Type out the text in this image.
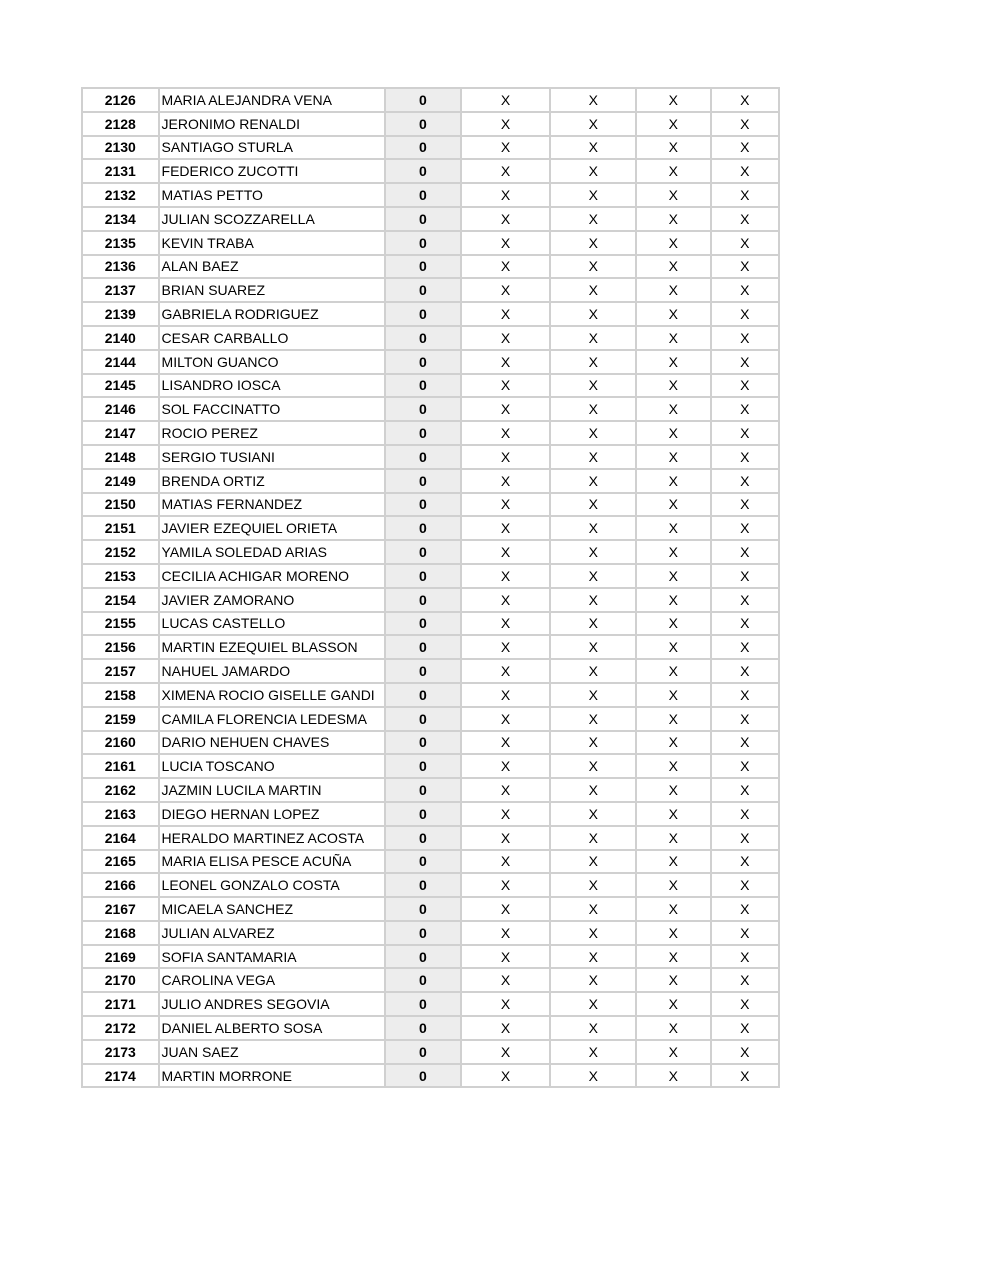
2126	MARIA ALEJANDRA VENA	0	X	X	X	X
2128	JERONIMO RENALDI	0	X	X	X	X
2130	SANTIAGO STURLA	0	X	X	X	X
2131	FEDERICO ZUCOTTI	0	X	X	X	X
2132	MATIAS PETTO	0	X	X	X	X
2134	JULIAN SCOZZARELLA	0	X	X	X	X
2135	KEVIN TRABA	0	X	X	X	X
2136	ALAN BAEZ	0	X	X	X	X
2137	BRIAN SUAREZ	0	X	X	X	X
2139	GABRIELA RODRIGUEZ	0	X	X	X	X
2140	CESAR CARBALLO	0	X	X	X	X
2144	MILTON GUANCO	0	X	X	X	X
2145	LISANDRO IOSCA	0	X	X	X	X
2146	SOL FACCINATTO	0	X	X	X	X
2147	ROCIO PEREZ	0	X	X	X	X
2148	SERGIO TUSIANI	0	X	X	X	X
2149	BRENDA ORTIZ	0	X	X	X	X
2150	MATIAS FERNANDEZ	0	X	X	X	X
2151	JAVIER EZEQUIEL ORIETA	0	X	X	X	X
2152	YAMILA SOLEDAD ARIAS	0	X	X	X	X
2153	CECILIA ACHIGAR MORENO	0	X	X	X	X
2154	JAVIER ZAMORANO	0	X	X	X	X
2155	LUCAS CASTELLO	0	X	X	X	X
2156	MARTIN EZEQUIEL BLASSON	0	X	X	X	X
2157	NAHUEL JAMARDO	0	X	X	X	X
2158	XIMENA ROCIO GISELLE GANDI	0	X	X	X	X
2159	CAMILA FLORENCIA LEDESMA	0	X	X	X	X
2160	DARIO NEHUEN CHAVES	0	X	X	X	X
2161	LUCIA TOSCANO	0	X	X	X	X
2162	JAZMIN LUCILA MARTIN	0	X	X	X	X
2163	DIEGO HERNAN LOPEZ	0	X	X	X	X
2164	HERALDO MARTINEZ ACOSTA	0	X	X	X	X
2165	MARIA ELISA PESCE ACUÑA	0	X	X	X	X
2166	LEONEL GONZALO COSTA	0	X	X	X	X
2167	MICAELA SANCHEZ	0	X	X	X	X
2168	JULIAN ALVAREZ	0	X	X	X	X
2169	SOFIA SANTAMARIA	0	X	X	X	X
2170	CAROLINA VEGA	0	X	X	X	X
2171	JULIO ANDRES SEGOVIA	0	X	X	X	X
2172	DANIEL ALBERTO SOSA	0	X	X	X	X
2173	JUAN SAEZ	0	X	X	X	X
2174	MARTIN MORRONE	0	X	X	X	X
